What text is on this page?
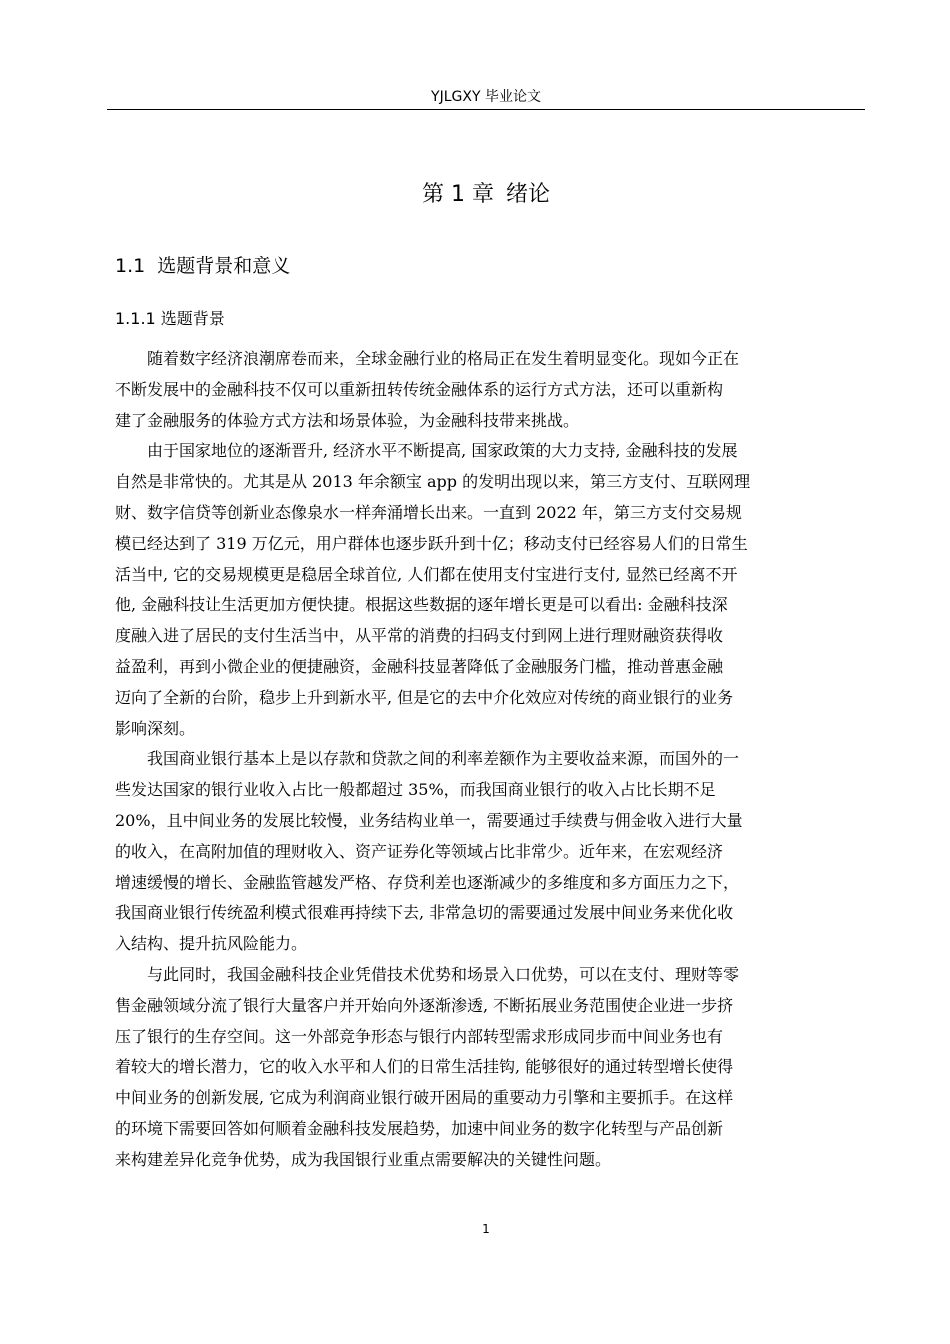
YJLGXY 毕业论文
第 1 章 绪论
1.1 选题背景和意义
1.1.1 选题背景
随着数字经济浪潮席卷而来，全球金融行业的格局正在发生着明显变化。现如今正在
不断发展中的金融科技不仅可以重新扭转传统金融体系的运行方式方法，还可以重新构
建了金融服务的体验方式方法和场景体验，为金融科技带来挑战。
由于国家地位的逐渐晋升, 经济水平不断提高, 国家政策的大力支持, 金融科技的发展
自然是非常快的。尤其是从 2013 年余额宝 app 的发明出现以来，第三方支付、互联网理
财、数字信贷等创新业态像泉水一样奔涌增长出来。一直到 2022 年，第三方支付交易规
模已经达到了 319 万亿元，用户群体也逐步跃升到十亿；移动支付已经容易人们的日常生
活当中, 它的交易规模更是稳居全球首位, 人们都在使用支付宝进行支付, 显然已经离不开
他, 金融科技让生活更加方便快捷。根据这些数据的逐年增长更是可以看出: 金融科技深
度融入进了居民的支付生活当中，从平常的消费的扫码支付到网上进行理财融资获得收
益盈利，再到小微企业的便捷融资，金融科技显著降低了金融服务门槛，推动普惠金融
迈向了全新的台阶，稳步上升到新水平, 但是它的去中介化效应对传统的商业银行的业务
影响深刻。
我国商业银行基本上是以存款和贷款之间的利率差额作为主要收益来源，而国外的一
些发达国家的银行业收入占比一般都超过 35%，而我国商业银行的收入占比长期不足
20%，且中间业务的发展比较慢，业务结构业单一，需要通过手续费与佣金收入进行大量
的收入，在高附加值的理财收入、资产证券化等领域占比非常少。近年来，在宏观经济
增速缓慢的增长、金融监管越发严格、存贷利差也逐渐减少的多维度和多方面压力之下，
我国商业银行传统盈利模式很难再持续下去, 非常急切的需要通过发展中间业务来优化收
入结构、提升抗风险能力。
与此同时，我国金融科技企业凭借技术优势和场景入口优势，可以在支付、理财等零
售金融领域分流了银行大量客户并开始向外逐渐渗透, 不断拓展业务范围使企业进一步挤
压了银行的生存空间。这一外部竞争形态与银行内部转型需求形成同步而中间业务也有
着较大的增长潜力，它的收入水平和人们的日常生活挂钩, 能够很好的通过转型增长使得
中间业务的创新发展, 它成为利润商业银行破开困局的重要动力引擎和主要抓手。在这样
的环境下需要回答如何顺着金融科技发展趋势，加速中间业务的数字化转型与产品创新
来构建差异化竞争优势，成为我国银行业重点需要解决的关键性问题。
1
